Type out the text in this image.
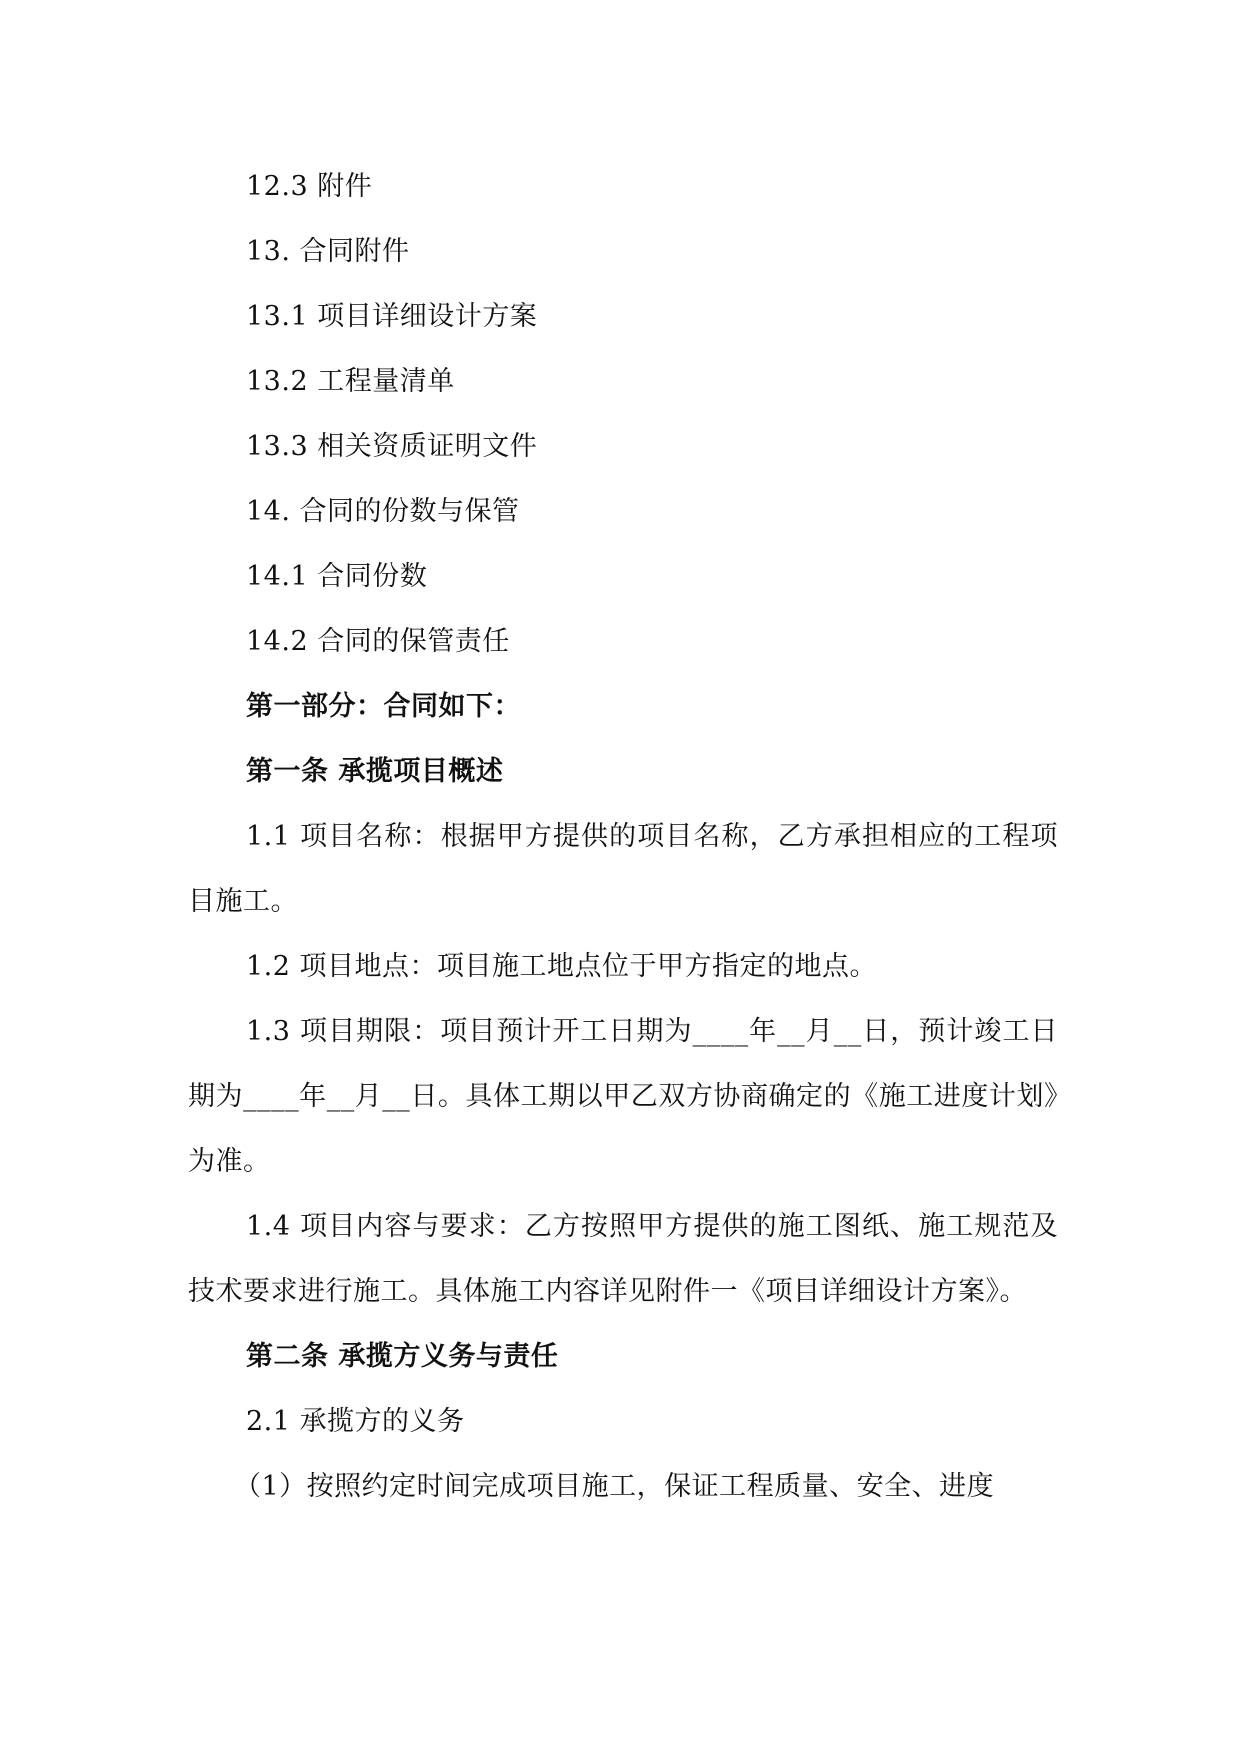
12.3 附件
13. 合同附件
13.1 项目详细设计方案
13.2 工程量清单
13.3 相关资质证明文件
14. 合同的份数与保管
14.1 合同份数
14.2 合同的保管责任
第一部分：合同如下：
第一条 承揽项目概述
1.1 项目名称：根据甲方提供的项目名称，乙方承担相应的工程项目施工。
1.2 项目地点：项目施工地点位于甲方指定的地点。
1.3 项目期限：项目预计开工日期为____年__月__日，预计竣工日期为____年__月__日。具体工期以甲乙双方协商确定的《施工进度计划》为准。
1.4 项目内容与要求：乙方按照甲方提供的施工图纸、施工规范及技术要求进行施工。具体施工内容详见附件一《项目详细设计方案》。
第二条 承揽方义务与责任
2.1 承揽方的义务
（1）按照约定时间完成项目施工，保证工程质量、安全、进度
